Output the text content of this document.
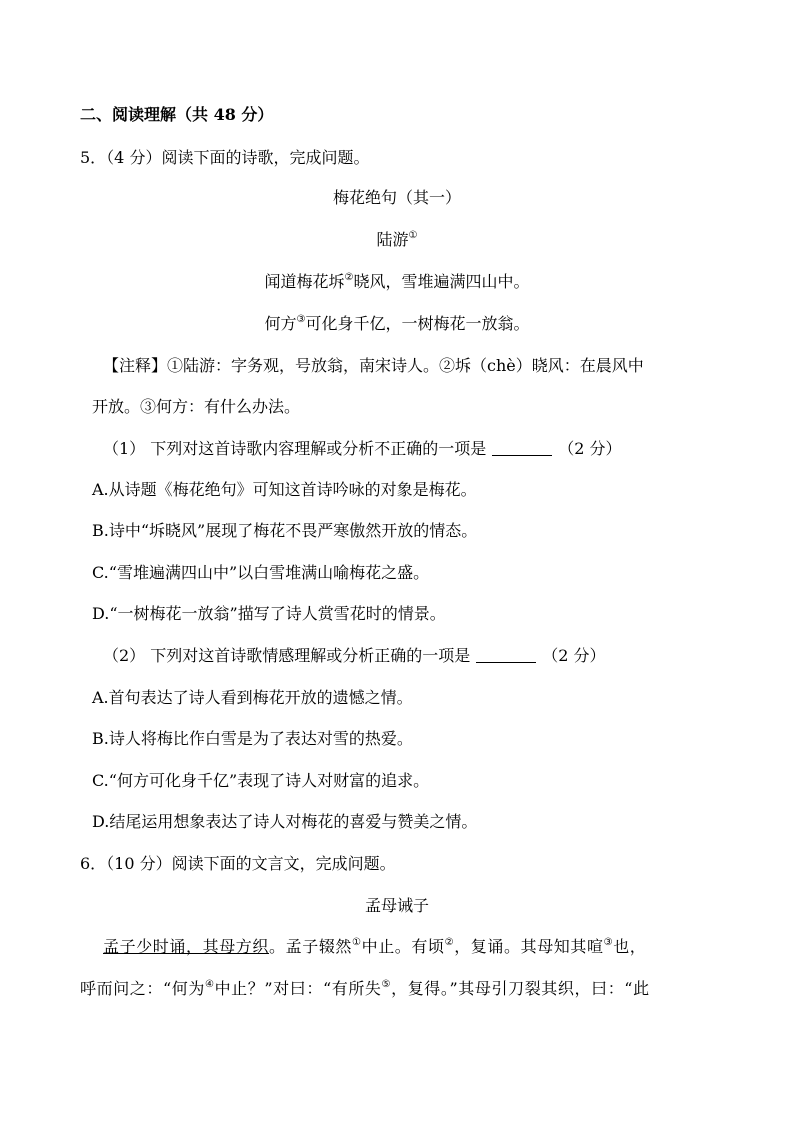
二、阅读理解（共 48 分）
5．（4 分）阅读下面的诗歌，完成问题。
梅花绝句（其一）
陆游①
闻道梅花坼②晓风，雪堆遍满四山中。
何方③可化身千亿，一树梅花一放翁。
【注释】①陆游：字务观，号放翁，南宋诗人。②坼（chè）晓风：在晨风中
开放。③何方：有什么办法。
（1） 下列对这首诗歌内容理解或分析不正确的一项是	（2 分）
A.从诗题《梅花绝句》可知这首诗吟咏的对象是梅花。
B.诗中“坼晓风”展现了梅花不畏严寒傲然开放的情态。
C.“雪堆遍满四山中”以白雪堆满山喻梅花之盛。
D.“一树梅花一放翁”描写了诗人赏雪花时的情景。
（2） 下列对这首诗歌情感理解或分析正确的一项是	（2 分）
A.首句表达了诗人看到梅花开放的遗憾之情。
B.诗人将梅比作白雪是为了表达对雪的热爱。
C.“何方可化身千亿”表现了诗人对财富的追求。
D.结尾运用想象表达了诗人对梅花的喜爱与赞美之情。
6．（10 分）阅读下面的文言文，完成问题。
孟母诫子
孟子少时诵，其母方织。孟子辍然①中止。有顷②，复诵。其母知其喧③也，
呼而问之：“何为④中止？”对曰：“有所失⑤，复得。”其母引刀裂其织，曰：“此
